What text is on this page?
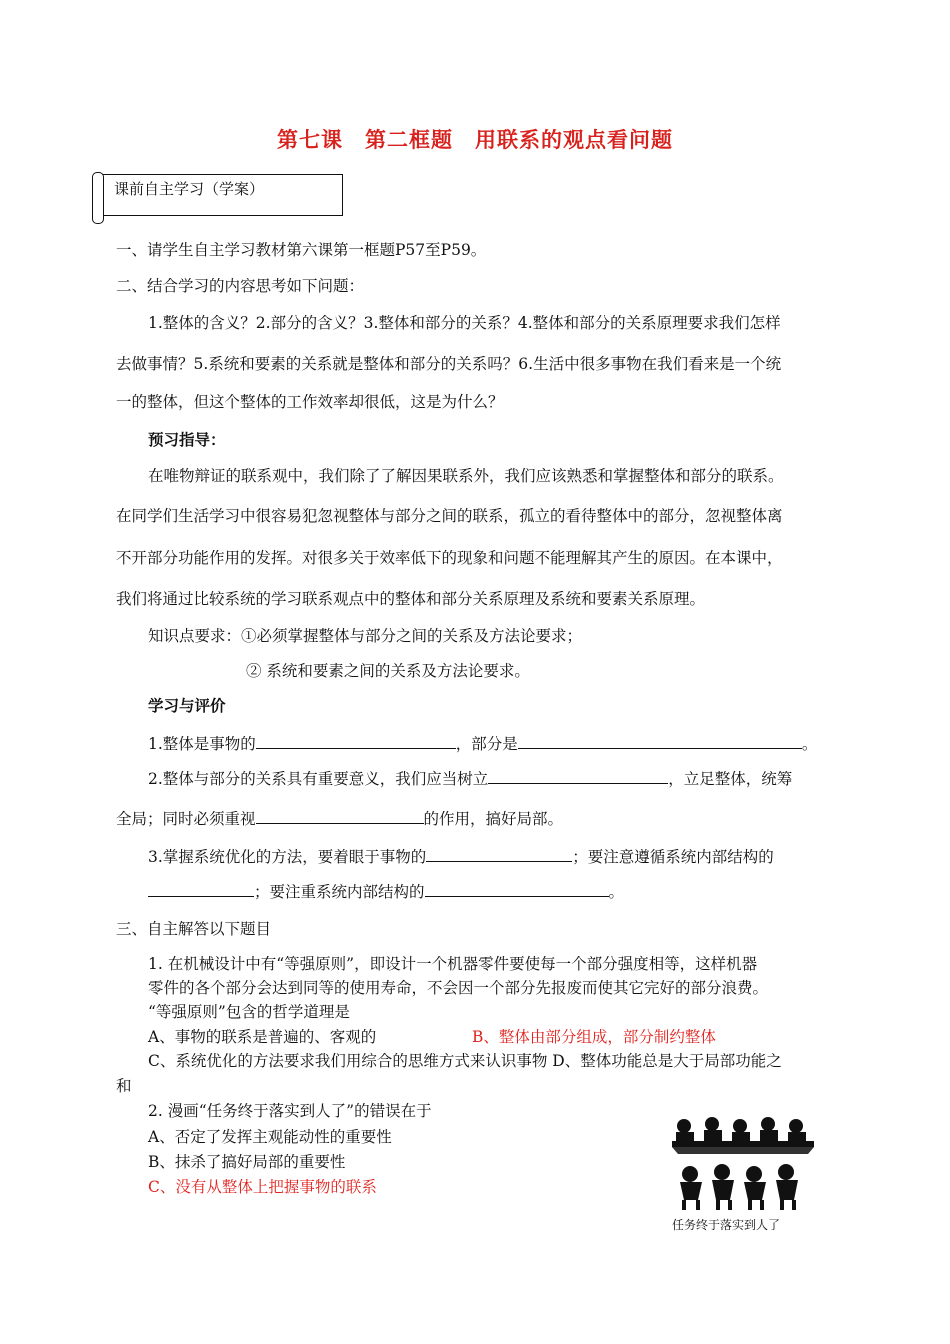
第七课　第二框题　用联系的观点看问题
课前自主学习（学案）
一、请学生自主学习教材第六课第一框题P57至P59。
二、结合学习的内容思考如下问题：
1.整体的含义？2.部分的含义？3.整体和部分的关系？4.整体和部分的关系原理要求我们怎样
去做事情？5.系统和要素的关系就是整体和部分的关系吗？6.生活中很多事物在我们看来是一个统
一的整体，但这个整体的工作效率却很低，这是为什么？
预习指导：
在唯物辩证的联系观中，我们除了了解因果联系外，我们应该熟悉和掌握整体和部分的联系。
在同学们生活学习中很容易犯忽视整体与部分之间的联系，孤立的看待整体中的部分，忽视整体离
不开部分功能作用的发挥。对很多关于效率低下的现象和问题不能理解其产生的原因。在本课中，
我们将通过比较系统的学习联系观点中的整体和部分关系原理及系统和要素关系原理。
知识点要求：①必须掌握整体与部分之间的关系及方法论要求；
② 系统和要素之间的关系及方法论要求。
学习与评价
1.整体是事物的	，部分是	。
2.整体与部分的关系具有重要意义，我们应当树立	，立足整体，统筹
全局；同时必须重视	的作用，搞好局部。
3.掌握系统优化的方法，要着眼于事物的	；要注意遵循系统内部结构的
；要注重系统内部结构的	。
三、自主解答以下题目
1. 在机械设计中有“等强原则”，即设计一个机器零件要使每一个部分强度相等，这样机器
零件的各个部分会达到同等的使用寿命，不会因一个部分先报废而使其它完好的部分浪费。
“等强原则”包含的哲学道理是
A、事物的联系是普遍的、客观的	B、整体由部分组成，部分制约整体
C、系统优化的方法要求我们用综合的思维方式来认识事物 D、整体功能总是大于局部功能之
和
2. 漫画“任务终于落实到人了”的错误在于
A、否定了发挥主观能动性的重要性
B、抹杀了搞好局部的重要性
C、没有从整体上把握事物的联系
任务终于落实到人了
